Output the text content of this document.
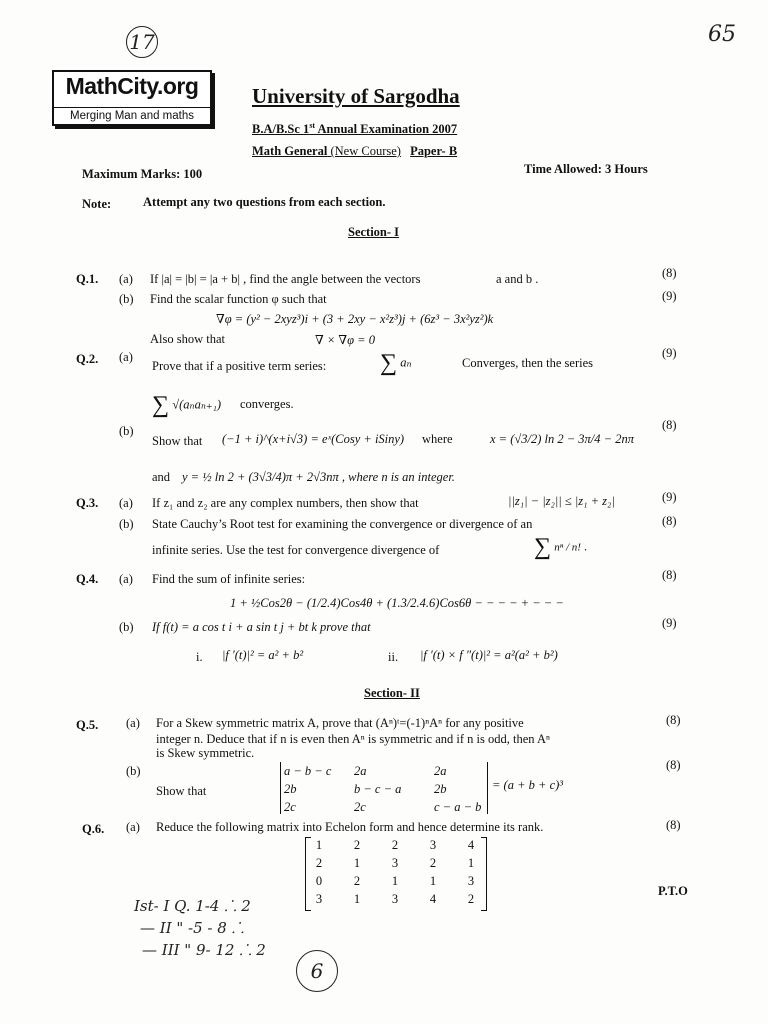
17	65
MathCity.org
Merging Man and maths
University of Sargodha
B.A/B.Sc 1st Annual Examination 2007
Math General (New Course) Paper- B
Maximum Marks: 100	Time Allowed: 3 Hours
Note:	Attempt any two questions from each section.
Section- I
Q.1. (a) If |a| = |b| = |a + b| , find the angle between the vectors	a and b .	(8)
(b) Find the scalar function φ such that	(9)
∇φ = (y² − 2xyz³)i + (3 + 2xy − x²z³)j + (6z³ − 3x²yz²)k
Also show that	∇ × ∇φ = 0
Q.2. (a)
Prove that if a positive term series: ∑ aₙ	Converges, then the series
(9)
∑ √(aₙaₙ₊₁) converges.
(b)
Show that (−1 + i)^(x+i√3) = eˣ(Cosy + iSiny) where	x = (√3/2) ln 2 − 3π/4 − 2nπ
(8)
and y = ½ ln 2 + (3√3/4)π + 2√3nπ , where n is an integer.
Q.3. (a) If z₁ and z₂ are any complex numbers, then show that	||z₁| − |z₂|| ≤ |z₁ + z₂|	(9)
(b) State Cauchy’s Root test for examining the convergence or divergence of an	(8)
infinite series. Use the test for convergence divergence of	∑ nⁿ / n! .
Q.4. (a) Find the sum of infinite series:	(8)
1 + ½Cos2θ − (1/2.4)Cos4θ + (1.3/2.4.6)Cos6θ − − − − + − − −
(b) If f(t) = a cos t i + a sin t j + bt k prove that	(9)
i. |f ′(t)|² = a² + b²	ii. |f ′(t) × f ″(t)|² = a²(a² + b²)
Section- II
Q.5. (a) For a Skew symmetric matrix A, prove that (Aⁿ)ᵗ=(-1)ⁿAⁿ for any positive
integer n. Deduce that if n is even then Aⁿ is symmetric and if n is odd, then Aⁿ
is Skew symmetric.
(8)
(b)
Show that
a − b − c 2a	2a
2b	b − c − a	2b
2c	2c	c − a − b
= (a + b + c)³
(8)
Q.6. (a) Reduce the following matrix into Echelon form and hence determine its rank.	(8)
1	2	2	3	4
2	1	3	2	1
0	2	1	1	3
3	1	3	4	2
P.T.O
Ist- I Q. 1-4 ⸫ 2
— II " -5 - 8 ⸫
— III " 9- 12 ⸫ 2
6
